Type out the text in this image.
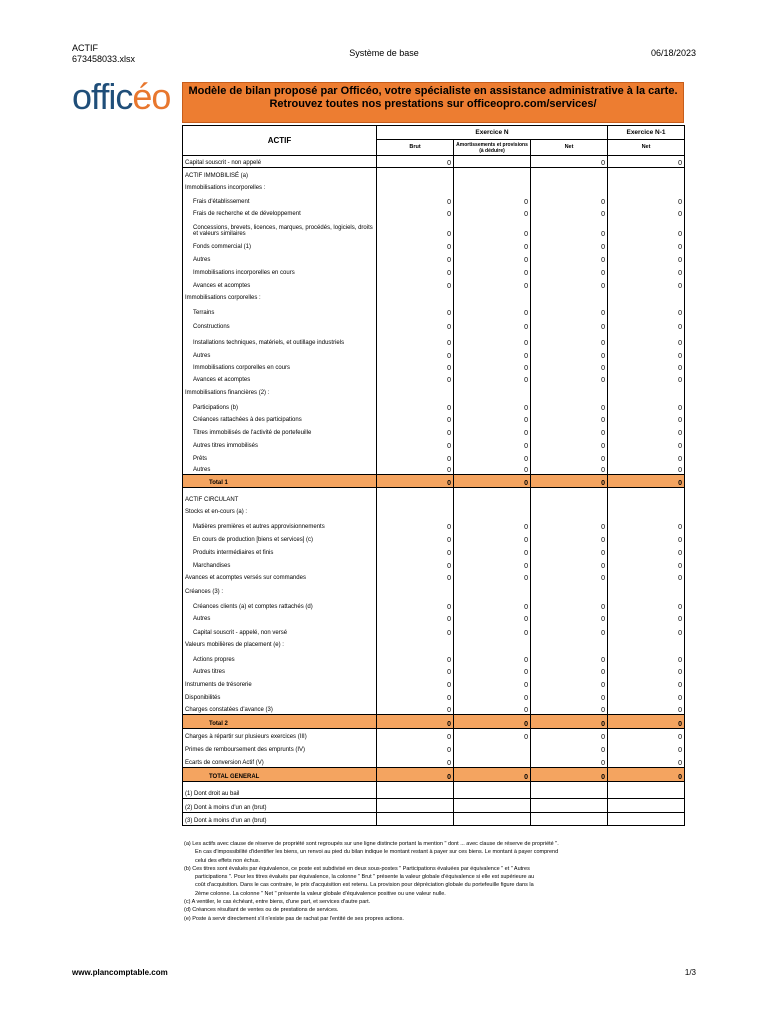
ACTIF
673458033.xlsx
Système de base	06/18/2023
officéo	Modèle de bilan proposé par Officéo, votre spécialiste en assistance administrative à la carte.
Retrouvez toutes nos prestations sur officeopro.com/services/
ACTIF	Exercice N			Exercice N-1
	Brut	Amortissements et provisions (à déduire)	Net	Net
Capital souscrit - non appelé	0		0	0
ACTIF IMMOBILISÉ (a)				
Immobilisations incorporelles :				
Frais d'établissement	0	0	0	0
Frais de recherche et de développement	0	0	0	0
Concessions, brevets, licences, marques, procédés, logiciels, droits et valeurs similaires	0	0	0	0
Fonds commercial (1)	0	0	0	0
Autres	0	0	0	0
Immobilisations incorporelles en cours	0	0	0	0
Avances et acomptes	0	0	0	0
Immobilisations corporelles :				
Terrains	0	0	0	0
Constructions	0	0	0	0
Installations techniques, matériels, et outillage industriels	0	0	0	0
Autres	0	0	0	0
Immobilisations corporelles en cours	0	0	0	0
Avances et acomptes	0	0	0	0
Immobilisations financières (2) :				
Participations (b)	0	0	0	0
Créances rattachées à des participations	0	0	0	0
Titres immobilisés de l'activité de portefeuille	0	0	0	0
Autres titres immobilisés	0	0	0	0
Prêts	0	0	0	0
Autres	0	0	0	0
Total 1	0	0	0	0
ACTIF CIRCULANT				
Stocks et en-cours (a) :				
Matières premières et autres approvisionnements	0	0	0	0
En cours de production [biens et services] (c)	0	0	0	0
Produits intermédiaires et finis	0	0	0	0
Marchandises	0	0	0	0
Avances et acomptes versés sur commandes	0	0	0	0
Créances (3) :				
Créances clients (a) et comptes rattachés (d)	0	0	0	0
Autres	0	0	0	0
Capital souscrit - appelé, non versé	0	0	0	0
Valeurs mobilières de placement (e) :				
Actions propres	0	0	0	0
Autres titres	0	0	0	0
Instruments de trésorerie	0	0	0	0
Disponibilités	0	0	0	0
Charges constatées d'avance (3)	0	0	0	0
Total 2	0	0	0	0
Charges à répartir sur plusieurs exercices (III)	0	0	0	0
Primes de remboursement des emprunts (IV)	0		0	0
Ecarts de conversion Actif (V)	0		0	0
TOTAL GENERAL	0	0	0	0
(1) Dont droit au bail				
(2) Dont à moins d'un an (brut)				
(3) Dont à moins d'un an (brut)				

(a) Les actifs avec clause de réserve de propriété sont regroupés sur une ligne distincte portant la mention " dont ... avec clause de réserve de propriété ".

En cas d'impossibilité d'identifier les biens, un renvoi au pied du bilan indique le montant restant à payer sur ces biens. Le montant à payer comprend

celui des effets non échus.

(b) Ces titres sont évalués par équivalence, ce poste est subdivisé en deux sous-postes " Participations évaluées par équivalence " et " Autres

participations ". Pour les titres évalués par équivalence, la colonne " Brut " présente la valeur globale d'équivalence si elle est supérieure au

coût d'acquisition. Dans le cas contraire, le prix d'acquisition est retenu. La provision pour dépréciation globale du portefeuille figure dans la

2ème colonne. La colonne " Net " présente la valeur globale d'équivalence positive ou une valeur nulle.

(c) A ventiler, le cas échéant, entre biens, d'une part, et services d'autre part.

(d) Créances résultant de ventes ou de prestations de services.

(e) Poste à servir directement s'il n'existe pas de rachat par l'entité de ses propres actions.

www.plancomptable.com	1/3
